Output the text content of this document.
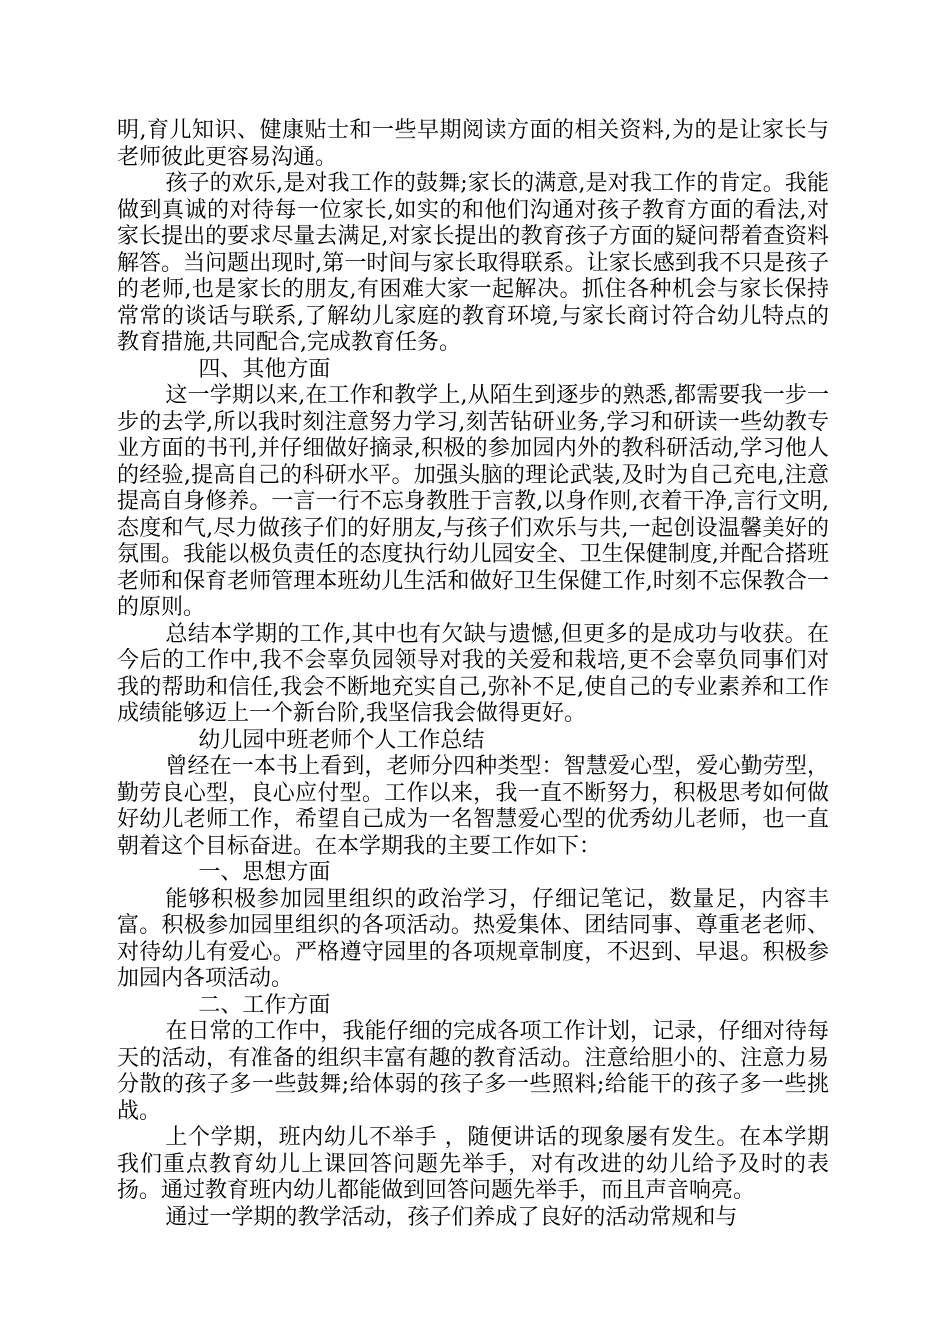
明,育儿知识、健康贴士和一些早期阅读方面的相关资料,为的是让家长与老师彼此更容易沟通。

孩子的欢乐,是对我工作的鼓舞;家长的满意,是对我工作的肯定。我能做到真诚的对待每一位家长,如实的和他们沟通对孩子教育方面的看法,对家长提出的要求尽量去满足,对家长提出的教育孩子方面的疑问帮着查资料解答。当问题出现时,第一时间与家长取得联系。让家长感到我不只是孩子的老师,也是家长的朋友,有困难大家一起解决。抓住各种机会与家长保持常常的谈话与联系,了解幼儿家庭的教育环境,与家长商讨符合幼儿特点的教育措施,共同配合,完成教育任务。

四、其他方面

这一学期以来,在工作和教学上,从陌生到逐步的熟悉,都需要我一步一步的去学,所以我时刻注意努力学习,刻苦钻研业务,学习和研读一些幼教专业方面的书刊,并仔细做好摘录,积极的参加园内外的教科研活动,学习他人的经验,提高自己的科研水平。加强头脑的理论武装,及时为自己充电,注意提高自身修养。一言一行不忘身教胜于言教,以身作则,衣着干净,言行文明,态度和气,尽力做孩子们的好朋友,与孩子们欢乐与共,一起创设温馨美好的氛围。我能以极负责任的态度执行幼儿园安全、卫生保健制度,并配合搭班老师和保育老师管理本班幼儿生活和做好卫生保健工作,时刻不忘保教合一的原则。

总结本学期的工作,其中也有欠缺与遗憾,但更多的是成功与收获。在今后的工作中,我不会辜负园领导对我的关爱和栽培,更不会辜负同事们对我的帮助和信任,我会不断地充实自己,弥补不足,使自己的专业素养和工作成绩能够迈上一个新台阶,我坚信我会做得更好。

幼儿园中班老师个人工作总结

曾经在一本书上看到，老师分四种类型：智慧爱心型，爱心勤劳型，勤劳良心型，良心应付型。工作以来，我一直不断努力，积极思考如何做好幼儿老师工作，希望自己成为一名智慧爱心型的优秀幼儿老师，也一直朝着这个目标奋进。在本学期我的主要工作如下：

一、思想方面

能够积极参加园里组织的政治学习，仔细记笔记，数量足，内容丰富。积极参加园里组织的各项活动。热爱集体、团结同事、尊重老老师、对待幼儿有爱心。严格遵守园里的各项规章制度，不迟到、早退。积极参加园内各项活动。

二、工作方面

在日常的工作中，我能仔细的完成各项工作计划，记录，仔细对待每天的活动，有准备的组织丰富有趣的教育活动。注意给胆小的、注意力易分散的孩子多一些鼓舞;给体弱的孩子多一些照料;给能干的孩子多一些挑战。

上个学期，班内幼儿不举手 ，随便讲话的现象屡有发生。在本学期我们重点教育幼儿上课回答问题先举手，对有改进的幼儿给予及时的表扬。通过教育班内幼儿都能做到回答问题先举手，而且声音响亮。

通过一学期的教学活动，孩子们养成了良好的活动常规和与
